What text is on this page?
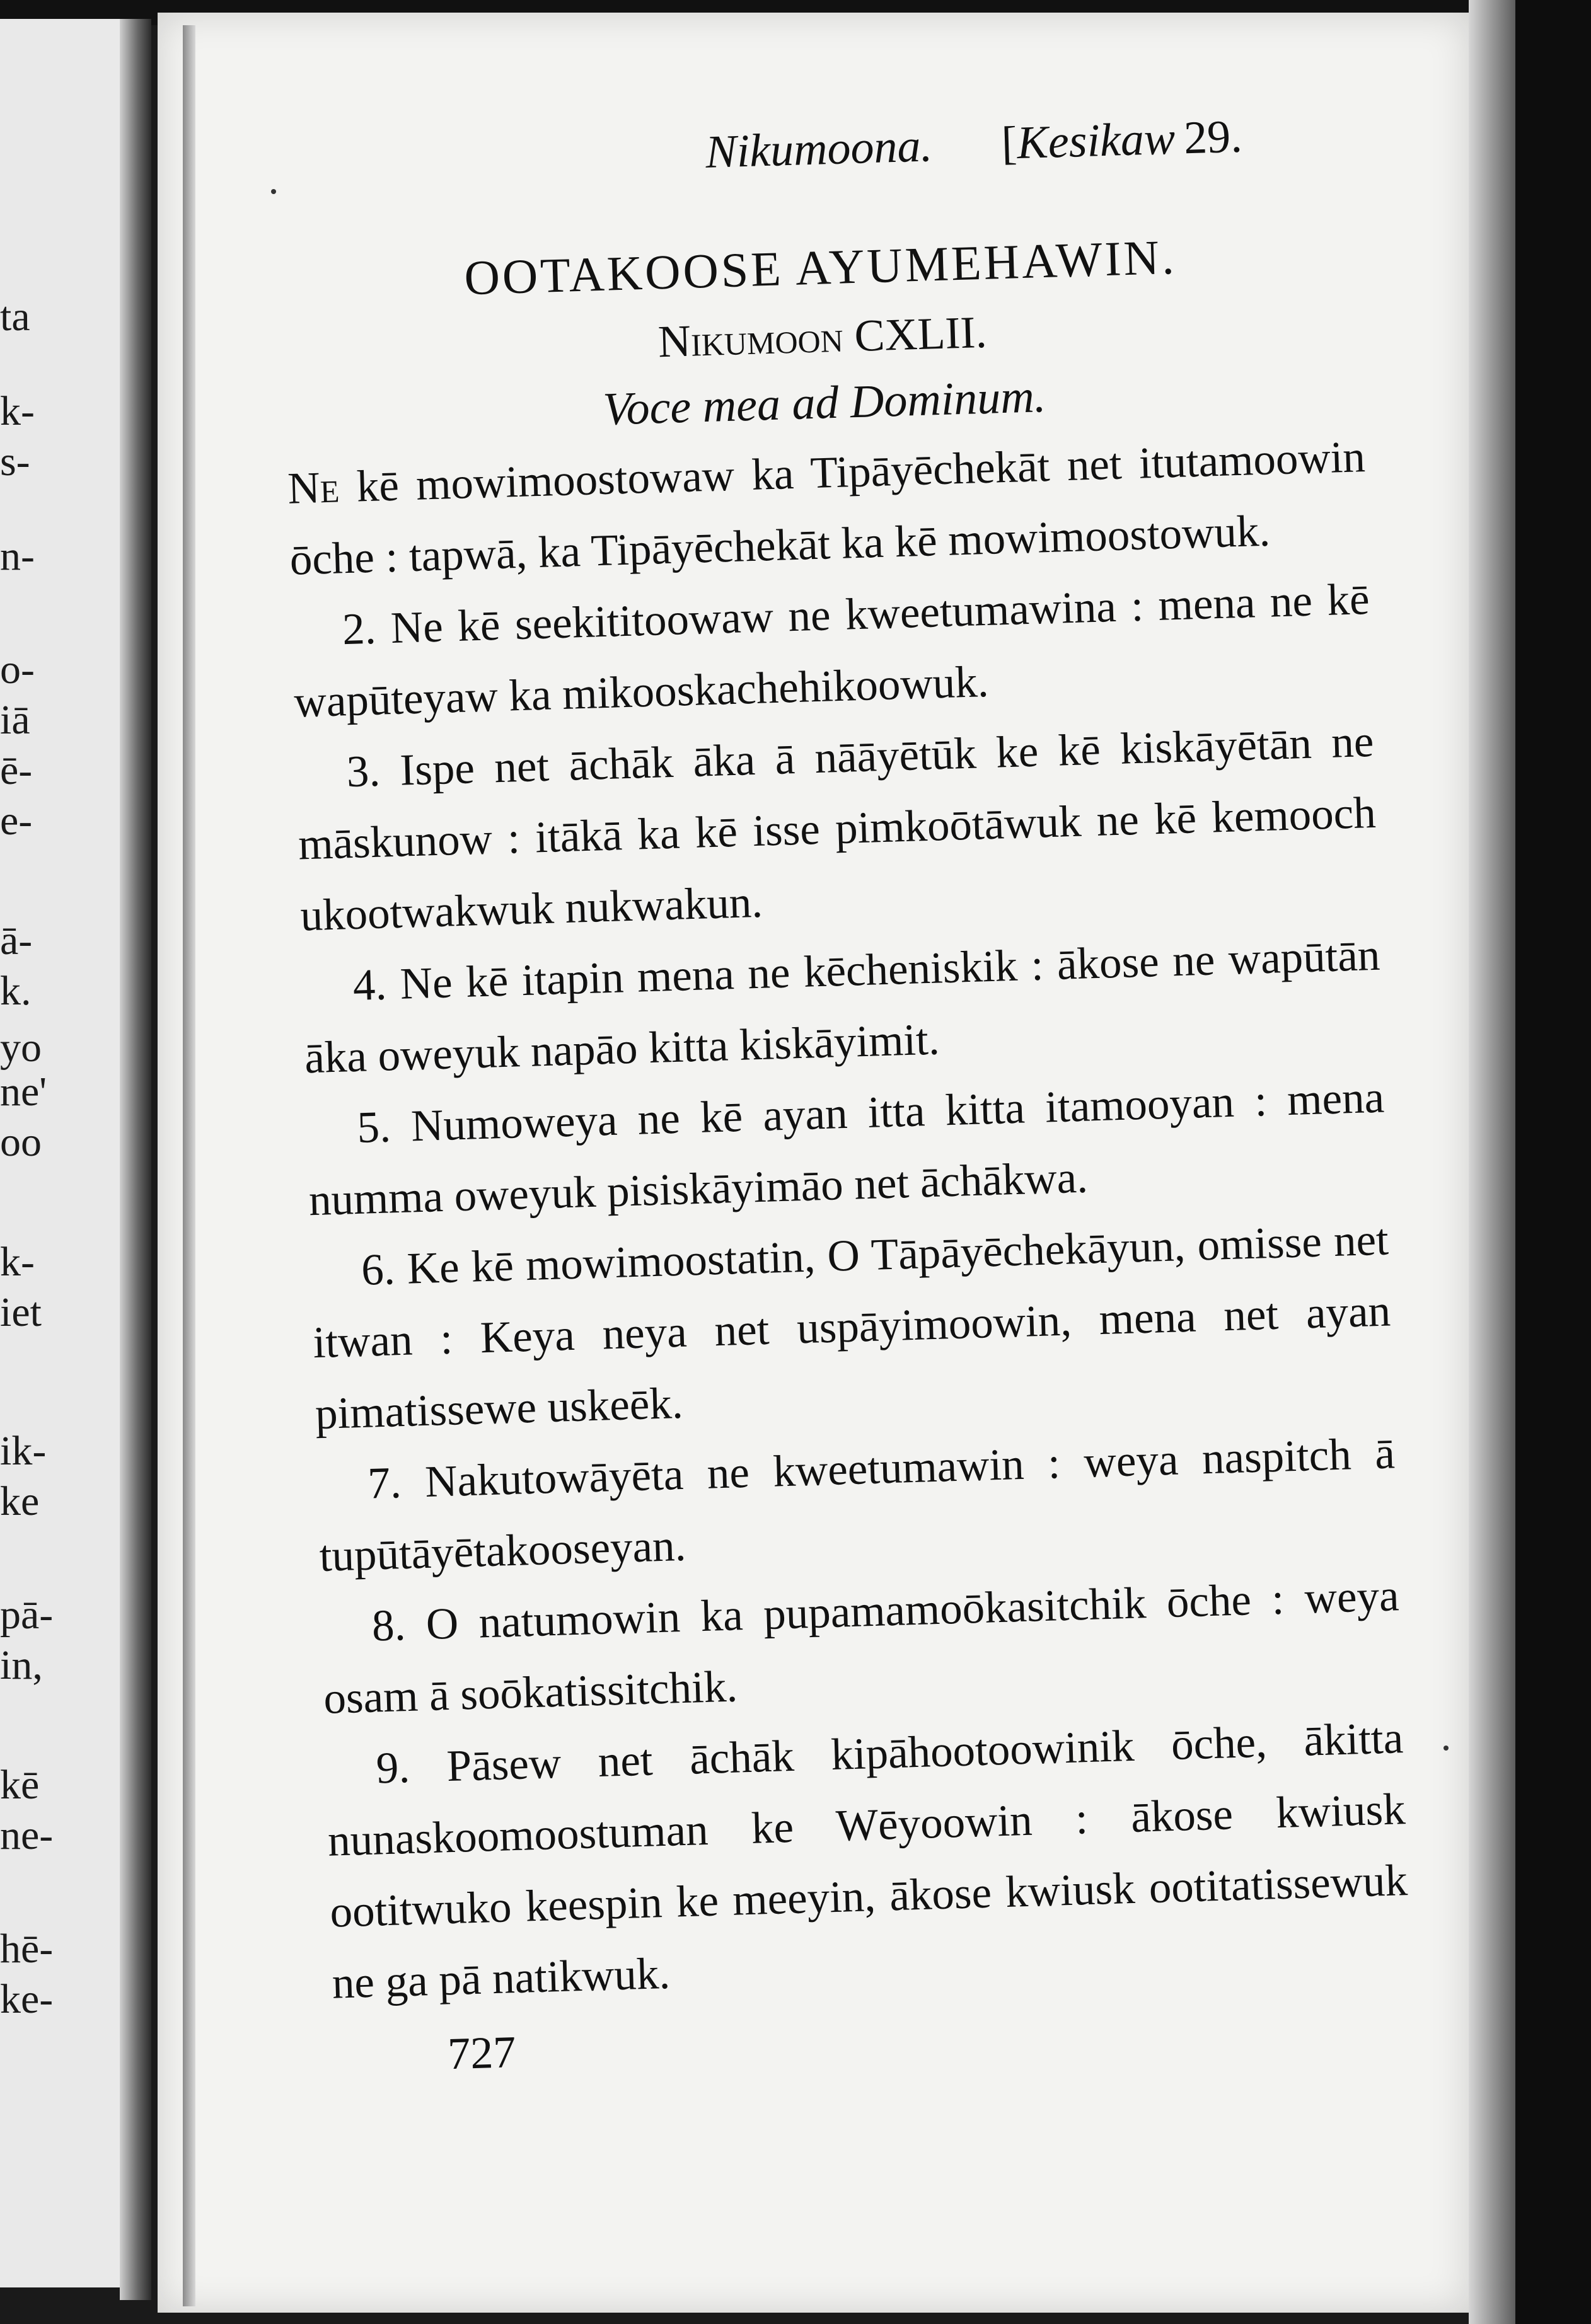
ta
k-
s-
n-
o-
iā
ē-
e-
ā-
k.
yo
ne'
oo
k-
iet
ik-
ke
pā-
in,
kē
ne-
hē-
ke-
Nikumoona. [
Kesikaw 29.
OOTAKOOSE AYUMEHAWIN.
Nikumoon CXLII.
Voce mea ad Dominum.

Ne kē mowimoostowaw ka Tipāyēchekāt net itutamoowin ōche : tapwā, ka Tipāyēchekāt ka kē mowimoostowuk.

2. Ne kē seekititoowaw ne kweetumawina : mena ne kē wapūteyaw ka mikooskachehikoowuk.

3. Ispe net āchāk āka ā nāāyētūk ke kē kiskāyētān ne māskunow : itākā ka kē isse pimkoōtāwuk ne kē kemooch ukootwakwuk nukwakun.

4. Ne kē itapin mena ne kēcheniskik : ākose ne wapūtān āka oweyuk napāo kitta kiskāyimit.

5. Numoweya ne kē ayan itta kitta itamooyan : mena numma oweyuk pisiskāyimāo net āchākwa.

6. Ke kē mowimoostatin, O Tāpāyēchekāyun, omisse net itwan : Keya neya net uspāyimoowin, mena net ayan pimatissewe uskeēk.

7. Nakutowāyēta ne kweetumawin : weya naspitch ā tupūtāyētakooseyan.

8. O natumowin ka pupamamoōkasitchik ōche : weya osam ā soōkatissitchik.

9. Pāsew net āchāk kipāhootoowinik ōche, ākitta nunaskoomoostuman ke Wēyoowin : ākose kwiusk ootitwuko keespin ke meeyin, ākose kwiusk ootitatissewuk ne ga pā natikwuk.

727
